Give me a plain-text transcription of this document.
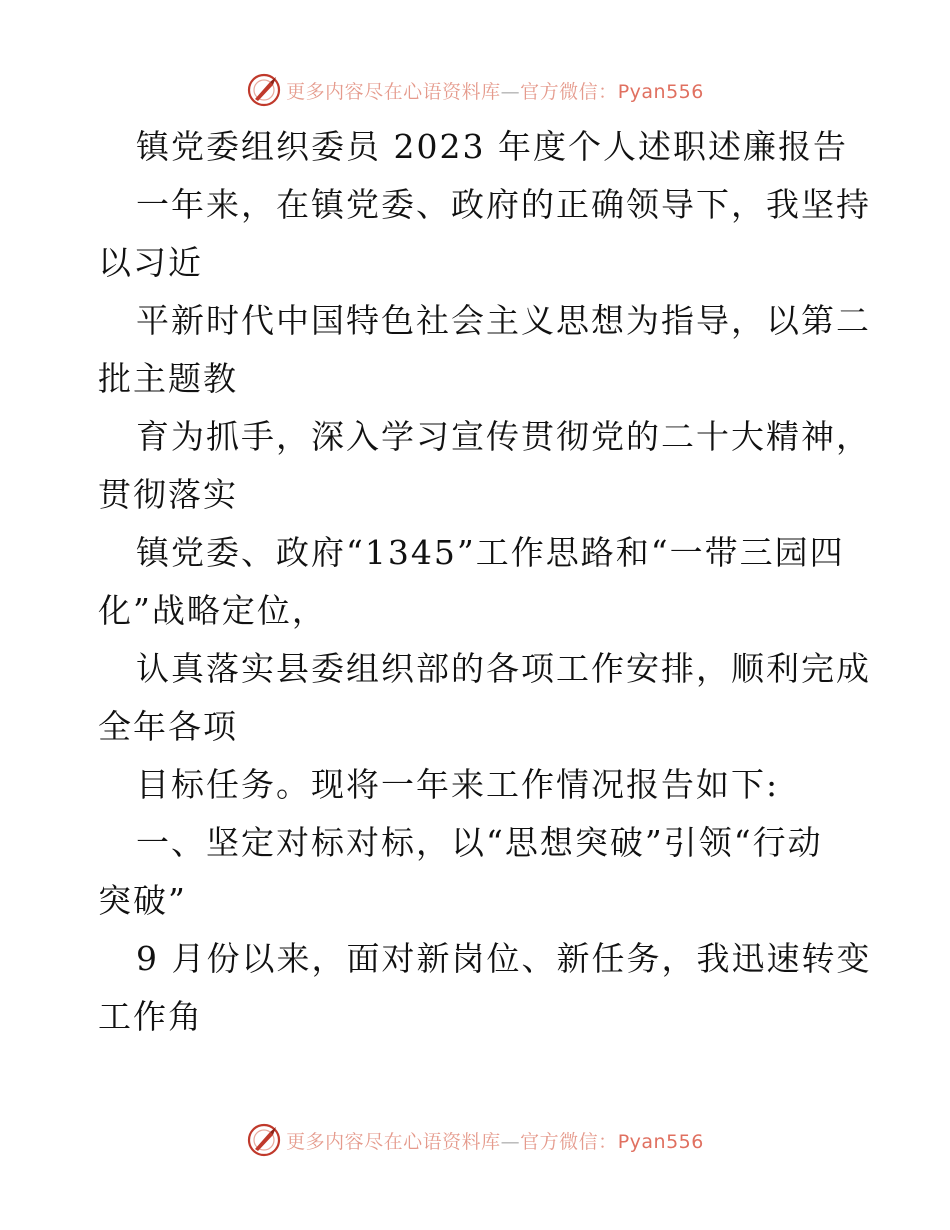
更多内容尽在心语资料库—官方微信：Pyan556
镇党委组织委员 2023 年度个人述职述廉报告
一年来，在镇党委、政府的正确领导下，我坚持
以习近
平新时代中国特色社会主义思想为指导，以第二
批主题教
育为抓手，深入学习宣传贯彻党的二十大精神，
贯彻落实
镇党委、政府“1345”工作思路和“一带三园四
化”战略定位，
认真落实县委组织部的各项工作安排，顺利完成
全年各项
目标任务。现将一年来工作情况报告如下:
一、坚定对标对标，以“思想突破”引领“行动
突破”
9 月份以来，面对新岗位、新任务，我迅速转变
工作角
更多内容尽在心语资料库—官方微信：Pyan556
